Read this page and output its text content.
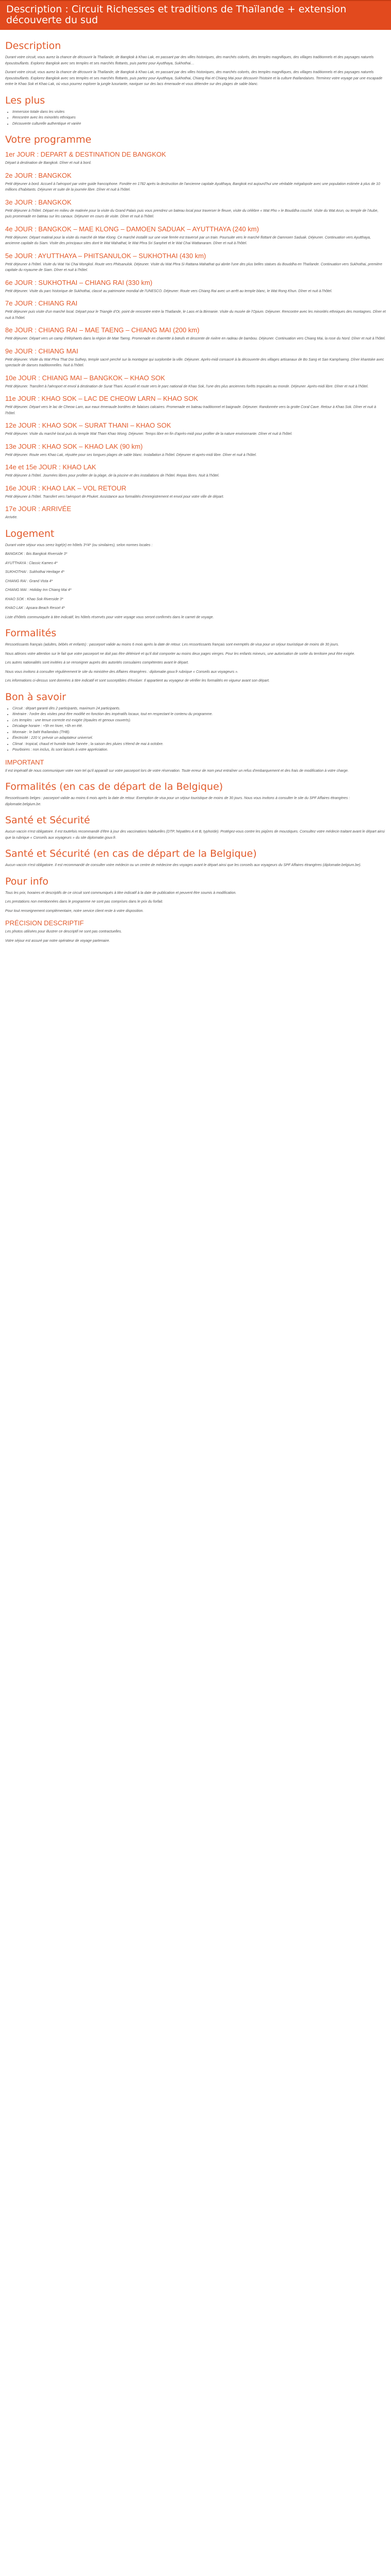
Description : Circuit Richesses et traditions de Thaïlande + extension découverte du sud
Description

Durant votre circuit, vous aurez la chance de découvrir la Thaïlande, de Bangkok à Khao Lak, en passant par des villes historiques, des marchés colorés, des temples magnifiques, des villages traditionnels et des paysages naturels époustouflants. Explorez Bangkok avec ses temples et ses marchés flottants, puis partez pour Ayutthaya, Sukhothai…

Durant votre circuit, vous aurez la chance de découvrir la Thaïlande, de Bangkok à Khao Lak, en passant par des villes historiques, des marchés colorés, des temples magnifiques, des villages traditionnels et des paysages naturels époustouflants. Explorez Bangkok avec ses temples et ses marchés flottants, puis partez pour Ayutthaya, Sukhothai, Chiang Rai et Chiang Mai pour découvrir l'histoire et la culture thaïlandaises. Terminez votre voyage par une escapade entre le Khao Sok et Khao Lak, où vous pourrez explorer la jungle luxuriante, naviguer sur des lacs émeraude et vous détendre sur des plages de sable blanc.

Les plus
• Immersion totale dans les visites
• Rencontre avec les minorités ethniques
• Découverte culturelle authentique et variée
Votre programme
1er JOUR : DEPART & DESTINATION DE BANGKOK

Départ à destination de Bangkok. Dîner et nuit à bord.

2e JOUR : BANGKOK

Petit déjeuner à bord. Accueil à l'aéroport par votre guide francophone. Fondée en 1782 après la destruction de l'ancienne capitale Ayutthaya, Bangkok est aujourd'hui une véritable mégalopole avec une population estimée à plus de 10 millions d'habitants. Déjeuner et suite de la journée libre. Dîner et nuit à l'hôtel.

3e JOUR : BANGKOK

Petit déjeuner à l'hôtel. Départ en milieu de matinée pour la visite du Grand Palais puis vous prendrez un bateau local pour traverser le fleuve, visite du célèbre « Wat Pho » le Bouddha couché. Visite du Wat Arun, ou temple de l'Aube, puis promenade en bateau sur les canaux. Déjeuner en cours de visite. Dîner et nuit à l'hôtel.

4e JOUR : BANGKOK – MAE KLONG – DAMOEN SADUAK – AYUTTHAYA (240 km)

Petit déjeuner. Départ matinal pour la visite du marché de Mae Klong. Ce marché installé sur une voie ferrée est traversé par un train. Poursuite vers le marché flottant de Damnoen Saduak. Déjeuner. Continuation vers Ayutthaya, ancienne capitale du Siam. Visite des principaux sites dont le Wat Mahathat, le Wat Phra Sri Sanphet et le Wat Chai Wattanaram. Dîner et nuit à l'hôtel.

5e JOUR : AYUTTHAYA – PHITSANULOK – SUKHOTHAI (430 km)

Petit déjeuner à l'hôtel. Visite du Wat Yai Chai Mongkol. Route vers Phitsanulok. Déjeuner. Visite du Wat Phra Si Rattana Mahathat qui abrite l'une des plus belles statues du Bouddha en Thaïlande. Continuation vers Sukhothai, première capitale du royaume de Siam. Dîner et nuit à l'hôtel.

6e JOUR : SUKHOTHAI – CHIANG RAI (330 km)

Petit déjeuner. Visite du parc historique de Sukhothai, classé au patrimoine mondial de l'UNESCO. Déjeuner. Route vers Chiang Rai avec un arrêt au temple blanc, le Wat Rong Khun. Dîner et nuit à l'hôtel.

7e JOUR : CHIANG RAI

Petit déjeuner puis visite d'un marché local. Départ pour le Triangle d'Or, point de rencontre entre la Thaïlande, le Laos et la Birmanie. Visite du musée de l'Opium. Déjeuner. Rencontre avec les minorités ethniques des montagnes. Dîner et nuit à l'hôtel.

8e JOUR : CHIANG RAI – MAE TAENG – CHIANG MAI (200 km)

Petit déjeuner. Départ vers un camp d'éléphants dans la région de Mae Taeng. Promenade en charrette à bœufs et descente de rivière en radeau de bambou. Déjeuner. Continuation vers Chiang Mai, la rose du Nord. Dîner et nuit à l'hôtel.

9e JOUR : CHIANG MAI

Petit déjeuner. Visite du Wat Phra That Doi Suthep, temple sacré perché sur la montagne qui surplombe la ville. Déjeuner. Après-midi consacré à la découverte des villages artisanaux de Bo Sang et San Kamphaeng. Dîner khantoke avec spectacle de danses traditionnelles. Nuit à l'hôtel.

10e JOUR : CHIANG MAI – BANGKOK – KHAO SOK

Petit déjeuner. Transfert à l'aéroport et envol à destination de Surat Thani. Accueil et route vers le parc national de Khao Sok, l'une des plus anciennes forêts tropicales au monde. Déjeuner. Après-midi libre. Dîner et nuit à l'hôtel.

11e JOUR : KHAO SOK – LAC DE CHEOW LARN – KHAO SOK

Petit déjeuner. Départ vers le lac de Cheow Larn, aux eaux émeraude bordées de falaises calcaires. Promenade en bateau traditionnel et baignade. Déjeuner. Randonnée vers la grotte Coral Cave. Retour à Khao Sok. Dîner et nuit à l'hôtel.

12e JOUR : KHAO SOK – SURAT THANI – KHAO SOK

Petit déjeuner. Visite du marché local puis du temple Wat Tham Khao Wong. Déjeuner. Temps libre en fin d'après-midi pour profiter de la nature environnante. Dîner et nuit à l'hôtel.

13e JOUR : KHAO SOK – KHAO LAK (90 km)

Petit déjeuner. Route vers Khao Lak, réputée pour ses longues plages de sable blanc. Installation à l'hôtel. Déjeuner et après-midi libre. Dîner et nuit à l'hôtel.

14e et 15e JOUR : KHAO LAK

Petit déjeuner à l'hôtel. Journées libres pour profiter de la plage, de la piscine et des installations de l'hôtel. Repas libres. Nuit à l'hôtel.

16e JOUR : KHAO LAK – VOL RETOUR

Petit déjeuner à l'hôtel. Transfert vers l'aéroport de Phuket. Assistance aux formalités d'enregistrement et envol pour votre ville de départ.

17e JOUR : ARRIVÉE

Arrivée.

Logement

Durant votre séjour vous serez logé(e) en hôtels 3*/4* (ou similaires), selon normes locales :

BANGKOK : Ibis Bangkok Riverside 3*

AYUTTHAYA : Classic Kameo 4*

SUKHOTHAI : Sukhothai Heritage 4*

CHIANG RAI : Grand Vista 4*

CHIANG MAI : Holiday Inn Chiang Mai 4*

KHAO SOK : Khao Sok Riverside 3*

KHAO LAK : Apsara Beach Resort 4*

Liste d'hôtels communiquée à titre indicatif, les hôtels réservés pour votre voyage vous seront confirmés dans le carnet de voyage.

Formalités

Ressortissants français (adultes, bébés et enfants) : passeport valide au moins 6 mois après la date de retour. Les ressortissants français sont exemptés de visa pour un séjour touristique de moins de 30 jours.

Nous attirons votre attention sur le fait que votre passeport ne doit pas être détérioré et qu'il doit comporter au moins deux pages vierges. Pour les enfants mineurs, une autorisation de sortie du territoire peut être exigée.

Les autres nationalités sont invitées à se renseigner auprès des autorités consulaires compétentes avant le départ.

Nous vous invitons à consulter régulièrement le site du ministère des Affaires étrangères : diplomatie.gouv.fr rubrique « Conseils aux voyageurs ».

Les informations ci-dessus sont données à titre indicatif et sont susceptibles d'évoluer. Il appartient au voyageur de vérifier les formalités en vigueur avant son départ.

Bon à savoir
• Circuit : départ garanti dès 2 participants, maximum 24 participants.
• Itinéraire : l'ordre des visites peut être modifié en fonction des impératifs locaux, tout en respectant le contenu du programme.
• Les temples : une tenue correcte est exigée (épaules et genoux couverts).
• Décalage horaire : +5h en hiver, +6h en été.
• Monnaie : le baht thaïlandais (THB).
• Électricité : 220 V, prévoir un adaptateur universel.
• Climat : tropical, chaud et humide toute l'année ; la saison des pluies s'étend de mai à octobre.
• Pourboires : non inclus, ils sont laissés à votre appréciation.
IMPORTANT

Il est impératif de nous communiquer votre nom tel qu'il apparaît sur votre passeport lors de votre réservation. Toute erreur de nom peut entraîner un refus d'embarquement et des frais de modification à votre charge.

Formalités (en cas de départ de la Belgique)

Ressortissants belges : passeport valide au moins 6 mois après la date de retour. Exemption de visa pour un séjour touristique de moins de 30 jours. Nous vous invitons à consulter le site du SPF Affaires étrangères : diplomatie.belgium.be.

Santé et Sécurité

Aucun vaccin n'est obligatoire. Il est toutefois recommandé d'être à jour des vaccinations habituelles (DTP, hépatites A et B, typhoïde). Protégez-vous contre les piqûres de moustiques. Consultez votre médecin traitant avant le départ ainsi que la rubrique « Conseils aux voyageurs » du site diplomatie.gouv.fr.

Santé et Sécurité (en cas de départ de la Belgique)

Aucun vaccin n'est obligatoire. Il est recommandé de consulter votre médecin ou un centre de médecine des voyages avant le départ ainsi que les conseils aux voyageurs du SPF Affaires étrangères (diplomatie.belgium.be).

Pour info

Tous les prix, horaires et descriptifs de ce circuit sont communiqués à titre indicatif à la date de publication et peuvent être soumis à modification.

Les prestations non mentionnées dans le programme ne sont pas comprises dans le prix du forfait.

Pour tout renseignement complémentaire, notre service client reste à votre disposition.

PRÉCISION DESCRIPTIF

Les photos utilisées pour illustrer ce descriptif ne sont pas contractuelles.

Votre séjour est assuré par notre opérateur de voyage partenaire.
